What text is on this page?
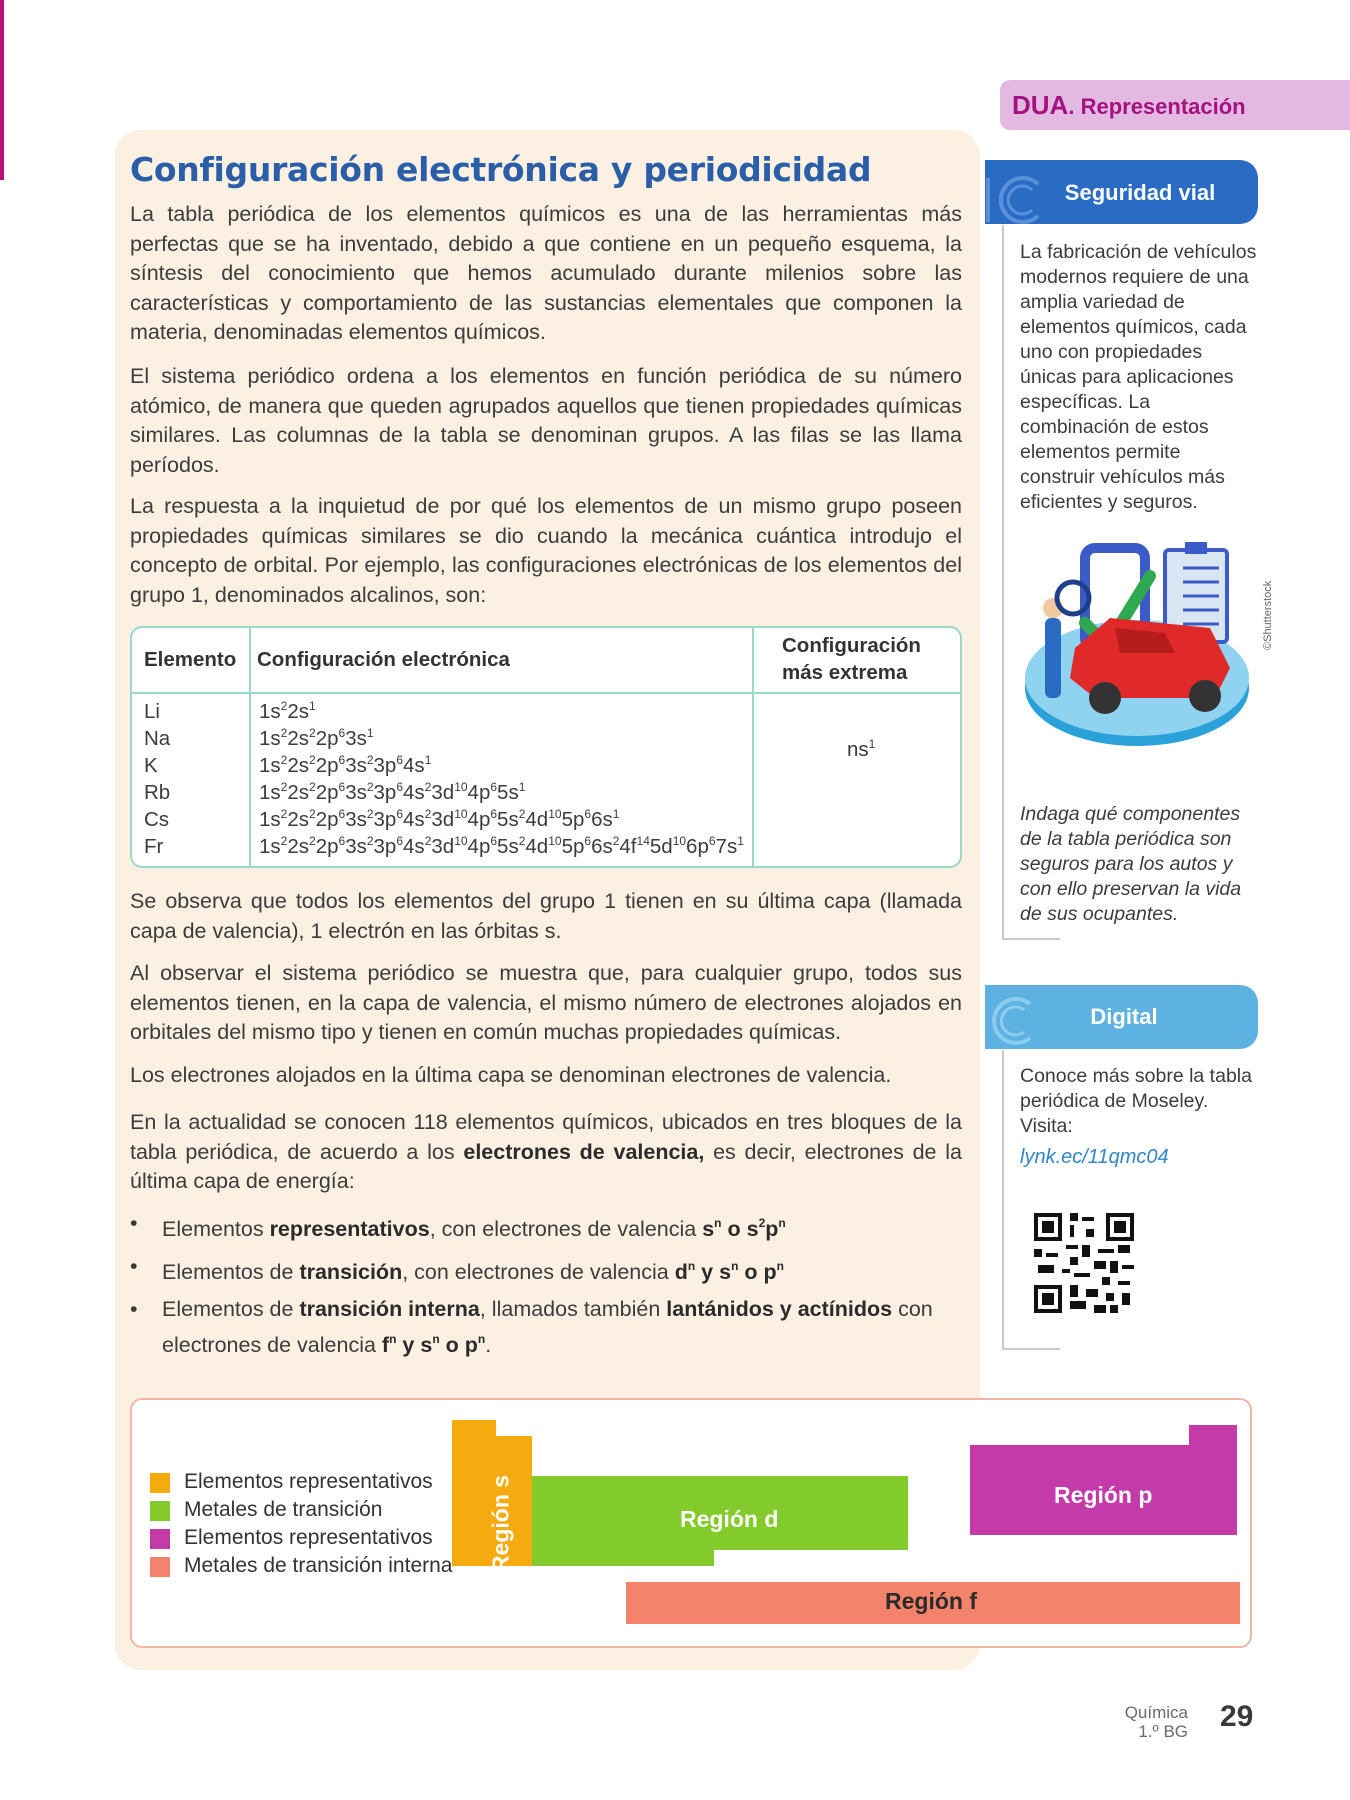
DUA. Representación
Configuración electrónica y periodicidad

La tabla periódica de los elementos químicos es una de las herramientas más perfectas que se ha inventado, debido a que contiene en un pequeño esquema, la síntesis del conocimiento que hemos acumulado durante milenios sobre las características y comportamiento de las sustancias elementales que componen la materia, denominadas elementos químicos.

El sistema periódico ordena a los elementos en función periódica de su número atómico, de manera que queden agrupados aquellos que tienen propiedades químicas similares. Las columnas de la tabla se denominan grupos. A las filas se las llama períodos.

La respuesta a la inquietud de por qué los elementos de un mismo grupo poseen propiedades químicas similares se dio cuando la mecánica cuántica introdujo el concepto de orbital. Por ejemplo, las configuraciones electrónicas de los elementos del grupo 1, denominados alcalinos, son:

Elemento Configuración electrónica
Configuración
más extrema
Li
Na
K
Rb
Cs
Fr
$1s^22s^1$
$1s^22s^22p^63s^1$
$1s^22s^22p^63s^23p^64s^1$
$1s^22s^22p^63s^23p^64s^23d^{10}4p^65s^1$
$1s^22s^22p^63s^23p^64s^23d^{10}4p^65s^24d^{10}5p^66s^1$
$1s^22s^22p^63s^23p^64s^23d^{10}4p^65s^24d^{10}5p^66s^24f^{14}5d^{10}6p^67s^1$
$ns^1$

Se observa que todos los elementos del grupo 1 tienen en su última capa (llamada capa de valencia), 1 electrón en las órbitas s.

Al observar el sistema periódico se muestra que, para cualquier grupo, todos sus elementos tienen, en la capa de valencia, el mismo número de electrones alojados en orbitales del mismo tipo y tienen en común muchas propiedades químicas.

Los electrones alojados en la última capa se denominan electrones de valencia.

En la actualidad se conocen 118 elementos químicos, ubicados en tres bloques de la tabla periódica, de acuerdo a los electrones de valencia, es decir, electrones de la última capa de energía:

• Elementos representativos, con electrones de valencia $s^n$ o $s^2p^n$
• Elementos de transición, con electrones de valencia $d^n$ y $s^n$ o $p^n$
• Elementos de transición interna, llamados también lantánidos y actínidos con electrones de valencia $f^n$ y $s^n$ o $p^n$.
Elementos representativos
Metales de transición
Elementos representativos
Metales de transición interna Región s	Región d
Región p
Región f
Seguridad vial

La fabricación de vehículos modernos requiere de una amplia variedad de elementos químicos, cada uno con propiedades únicas para aplicaciones específicas. La combinación de estos elementos permite construir vehículos más eficientes y seguros.

©Shutterstock

Indaga qué componentes de la tabla periódica son seguros para los autos y con ello preservan la vida de sus ocupantes.

Digital

Conoce más sobre la tabla periódica de Moseley. Visita:

lynk.ec/11qmc04
Química
1.º BG 29
